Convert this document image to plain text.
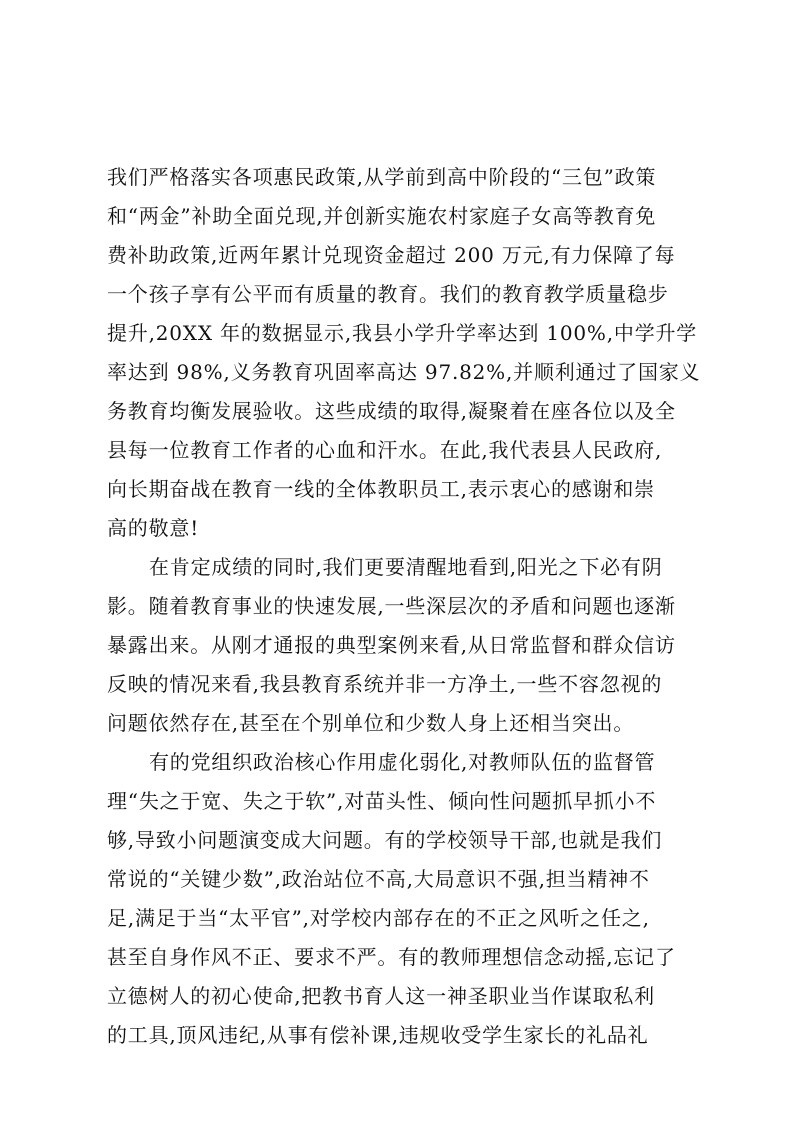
我们严格落实各项惠民政策,从学前到高中阶段的“三包”政策
和“两金”补助全面兑现,并创新实施农村家庭子女高等教育免
费补助政策,近两年累计兑现资金超过 200 万元,有力保障了每
一个孩子享有公平而有质量的教育。我们的教育教学质量稳步
提升,20XX 年的数据显示,我县小学升学率达到 100%,中学升学
率达到 98%,义务教育巩固率高达 97.82%,并顺利通过了国家义
务教育均衡发展验收。这些成绩的取得,凝聚着在座各位以及全
县每一位教育工作者的心血和汗水。在此,我代表县人民政府,
向长期奋战在教育一线的全体教职员工,表示衷心的感谢和崇
高的敬意!
在肯定成绩的同时,我们更要清醒地看到,阳光之下必有阴
影。随着教育事业的快速发展,一些深层次的矛盾和问题也逐渐
暴露出来。从刚才通报的典型案例来看,从日常监督和群众信访
反映的情况来看,我县教育系统并非一方净土,一些不容忽视的
问题依然存在,甚至在个别单位和少数人身上还相当突出。
有的党组织政治核心作用虚化弱化,对教师队伍的监督管
理“失之于宽、失之于软”,对苗头性、倾向性问题抓早抓小不
够,导致小问题演变成大问题。有的学校领导干部,也就是我们
常说的“关键少数”,政治站位不高,大局意识不强,担当精神不
足,满足于当“太平官”,对学校内部存在的不正之风听之任之,
甚至自身作风不正、要求不严。有的教师理想信念动摇,忘记了
立德树人的初心使命,把教书育人这一神圣职业当作谋取私利
的工具,顶风违纪,从事有偿补课,违规收受学生家长的礼品礼
